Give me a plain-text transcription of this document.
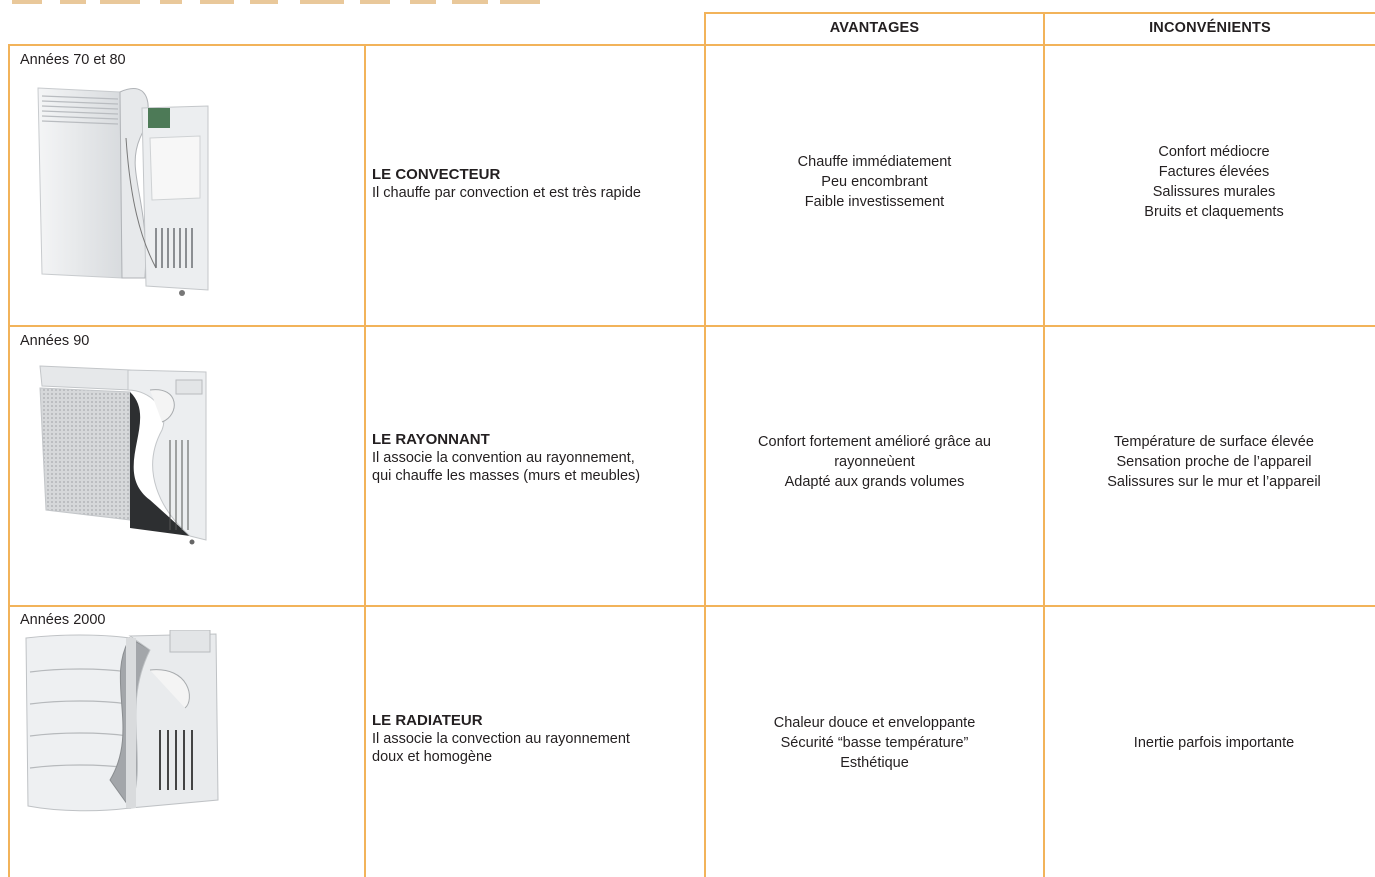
AVANTAGES	INCONVÉNIENTS
Années 70 et 80
LE CONVECTEUR
Il chauffe par convection et est très rapide
Chauffe immédiatement
Peu encombrant
Faible investissement
Confort médiocre
Factures élevées
Salissures murales
Bruits et claquements
Années 90
LE RAYONNANT
Il associe la convention au rayonnement,
qui chauffe les masses (murs et meubles)
Confort fortement amélioré grâce au
rayonneùent
Adapté aux grands volumes
Température de surface élevée
Sensation proche de l’appareil
Salissures sur le mur et l’appareil
Années 2000
LE RADIATEUR
Il associe la convection au rayonnement
doux et homogène
Chaleur douce et enveloppante
Sécurité “basse température”
Esthétique
Inertie parfois importante
